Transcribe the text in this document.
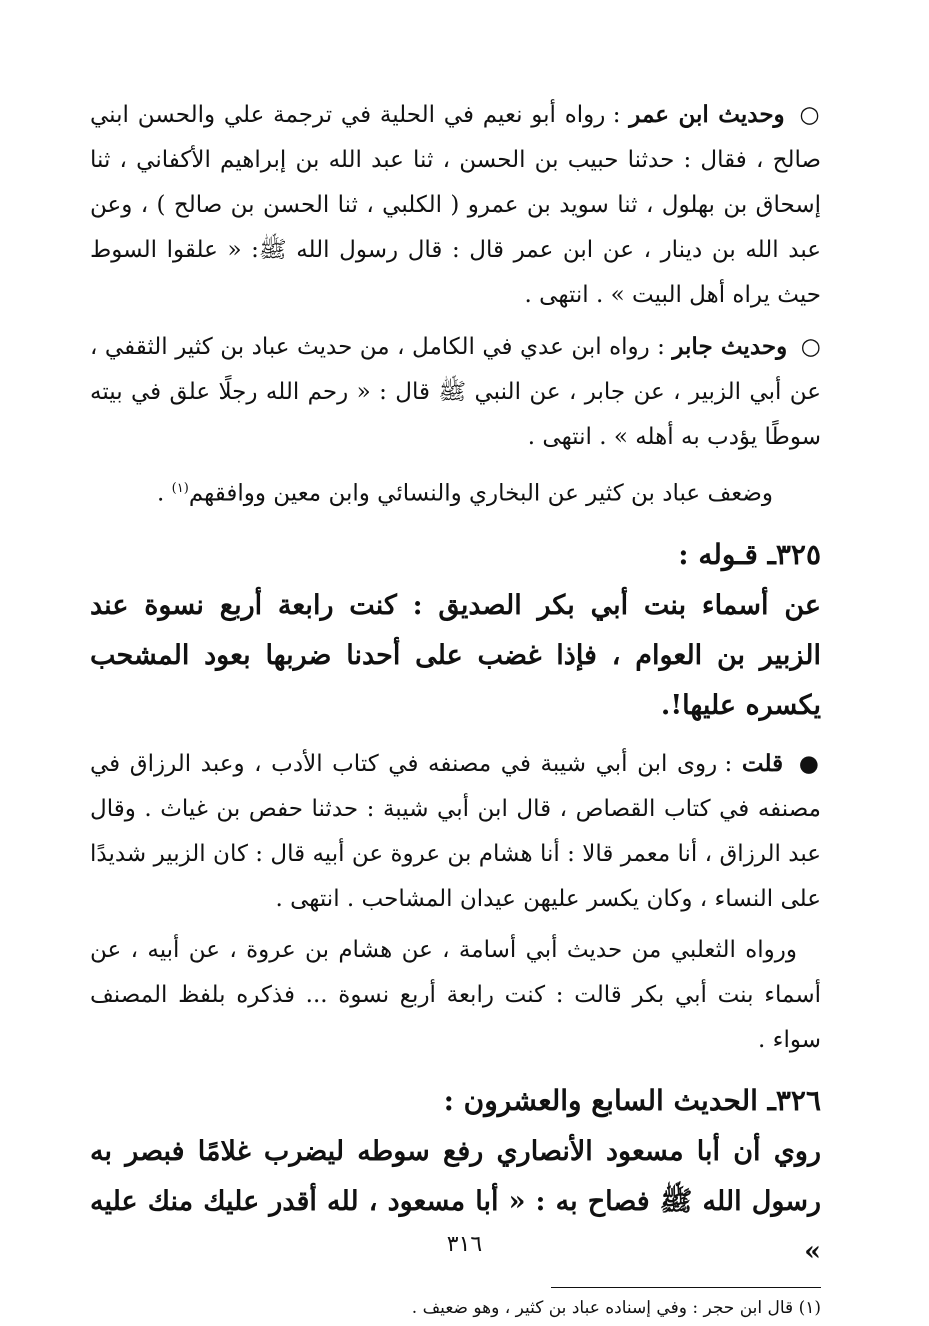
○ وحديث ابن عمر : رواه أبو نعيم في الحلية في ترجمة علي والحسن ابني صالح ، فقال : حدثنا حبيب بن الحسن ، ثنا عبد الله بن إبراهيم الأكفاني ، ثنا إسحاق بن بهلول ، ثنا سويد بن عمرو ( الكلبي ، ثنا الحسن بن صالح ) ، وعن عبد الله بن دينار ، عن ابن عمر قال : قال رسول الله ﷺ: « علقوا السوط حيث يراه أهل البيت » . انتهى .

○ وحديث جابر : رواه ابن عدي في الكامل ، من حديث عباد بن كثير الثقفي ، عن أبي الزبير ، عن جابر ، عن النبي ﷺ قال : « رحم الله رجلًا علق في بيته سوطًا يؤدب به أهله » . انتهى .

وضعف عباد بن كثير عن البخاري والنسائي وابن معين ووافقهم$^{(١)}$ .

٣٢٥ـ قـوله :

عن أسماء بنت أبي بكر الصديق : كنت رابعة أربع نسوة عند الزبير بن العوام ، فإذا غضب على أحدنا ضربها بعود المشحب يكسره عليها!.

● قلت : روى ابن أبي شيبة في مصنفه في كتاب الأدب ، وعبد الرزاق في مصنفه في كتاب القصاص ، قال ابن أبي شيبة : حدثنا حفص بن غياث . وقال عبد الرزاق ، أنا معمر قالا : أنا هشام بن عروة عن أبيه قال : كان الزبير شديدًا على النساء ، وكان يكسر عليهن عيدان المشاحب . انتهى .

ورواه الثعلبي من حديث أبي أسامة ، عن هشام بن عروة ، عن أبيه ، عن أسماء بنت أبي بكر قالت : كنت رابعة أربع نسوة ... فذكره بلفظ المصنف سواء .

٣٢٦ـ الحديث السابع والعشرون :

روي أن أبا مسعود الأنصاري رفع سوطه ليضرب غلامًا فبصر به رسول الله ﷺ فصاح به : « أبا مسعود ، لله أقدر عليك منك عليه »

(١) قال ابن حجر : وفي إسناده عباد بن كثير ، وهو ضعيف .

٣١٦
